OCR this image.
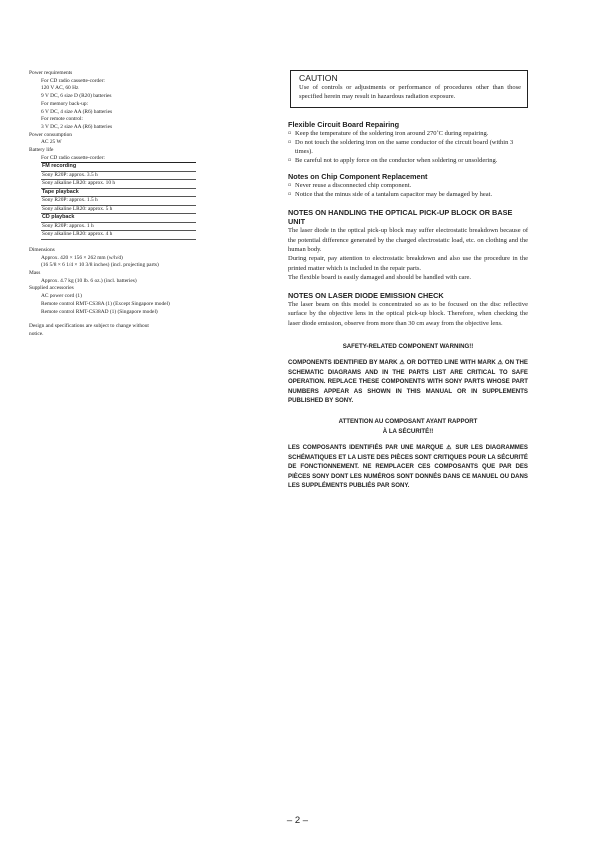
Power requirements
For CD radio cassette-corder:
120 V AC, 60 Hz
9 V DC, 6 size D (R20) batteries
For memory back-up:
6 V DC, 4 size AA (R6) batteries
For remote control:
3 V DC, 2 size AA (R6) batteries
Power consumption
AC 25 W
Battery life
For CD radio cassette-corder:
FM recording
Sony R20P: approx. 3.5 h
Sony alkaline LR20: approx. 10 h
Tape playback
Sony R20P: approx. 1.5 h
Sony alkaline LR20: approx. 5 h
CD playback
Sony R20P: approx. 1 h
Sony alkaline LR20: approx. 4 h
Dimensions
Approx. 420 × 156 × 262 mm (w/h/d)
(16 5/8 × 6 1/4 × 10 3/8 inches) (incl. projecting parts)
Mass
Approx. 4.7 kg (10 lb. 6 oz.) (incl. batteries)
Supplied accessories
AC power cord (1)
Remote control RMT-CS38A (1) (Except Singapore model)
Remote control RMT-CS38AD (1) (Singapore model)
Design and specifications are subject to change without
notice.
CAUTION

Use of controls or adjustments or performance of procedures other than those specified herein may result in hazardous radiation exposure.

Flexible Circuit Board Repairing

¤ Keep the temperature of the soldering iron around 270˚C during repairing.
¤ Do not touch the soldering iron on the same conductor of the circuit board (within 3 times).
¤ Be careful not to apply force on the conductor when soldering or unsoldering.

Notes on Chip Component Replacement

¤ Never reuse a disconnected chip component.
¤ Notice that the minus side of a tantalum capacitor may be damaged by heat.

NOTES ON HANDLING THE OPTICAL PICK-UP BLOCK OR BASE UNIT

The laser diode in the optical pick-up block may suffer electrostatic breakdown because of the potential difference generated by the charged electrostatic load, etc. on clothing and the human body.

During repair, pay attention to electrostatic breakdown and also use the procedure in the printed matter which is included in the repair parts.

The flexible board is easily damaged and should be handled with care.

NOTES ON LASER DIODE EMISSION CHECK

The laser beam on this model is concentrated so as to be focused on the disc reflective surface by the objective lens in the optical pick-up block. Therefore, when checking the laser diode emission, observe from more than 30 cm away from the objective lens.

SAFETY-RELATED COMPONENT WARNING!!

COMPONENTS IDENTIFIED BY MARK ⚠ OR DOTTED LINE WITH MARK ⚠ ON THE SCHEMATIC DIAGRAMS AND IN THE PARTS LIST ARE CRITICAL TO SAFE OPERATION. REPLACE THESE COMPONENTS WITH SONY PARTS WHOSE PART NUMBERS APPEAR AS SHOWN IN THIS MANUAL OR IN SUPPLEMENTS PUBLISHED BY SONY.

ATTENTION AU COMPOSANT AYANT RAPPORT

À LA SÉCURITÉ!!

LES COMPOSANTS IDENTIFIÉS PAR UNE MARQUE ⚠ SUR LES DIAGRAMMES SCHÉMATIQUES ET LA LISTE DES PIÈCES SONT CRITIQUES POUR LA SÉCURITÉ DE FONCTIONNEMENT. NE REMPLACER CES COMPOSANTS QUE PAR DES PIÈCES SONY DONT LES NUMÉROS SONT DONNÉS DANS CE MANUEL OU DANS LES SUPPLÉMENTS PUBLIÉS PAR SONY.

– 2 –
